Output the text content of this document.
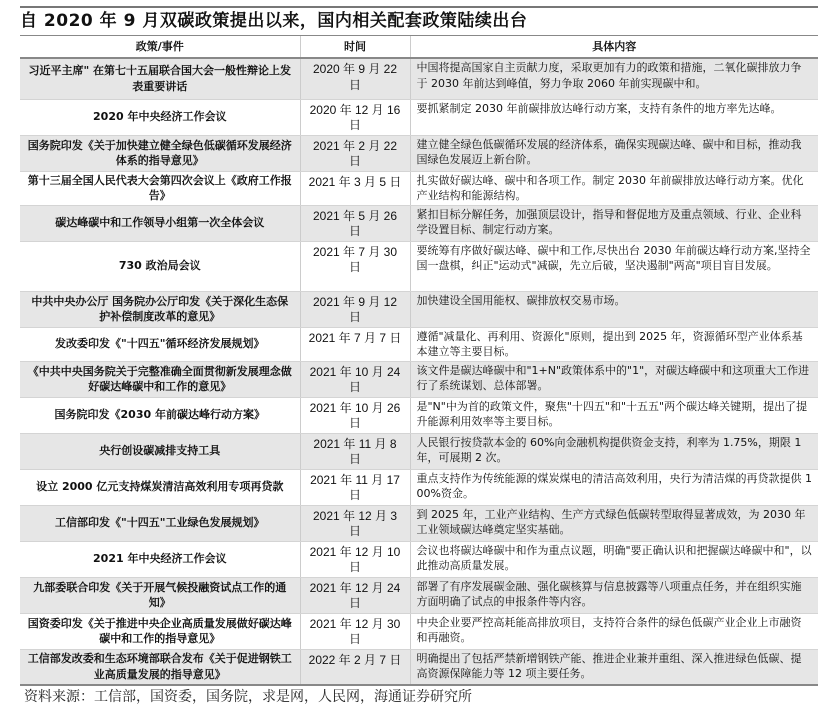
自 2020 年 9 月双碳政策提出以来，国内相关配套政策陆续出台
政策/事件	时间	具体内容
习近平主席" 在第七十五届联合国大会一般性辩论上发表重要讲话	2020 年 9 月 22 日	中国将提高国家自主贡献力度，采取更加有力的政策和措施，二氧化碳排放力争于 2030 年前达到峰值，努力争取 2060 年前实现碳中和。
2020 年中央经济工作会议	2020 年 12 月 16 日	要抓紧制定 2030 年前碳排放达峰行动方案，支持有条件的地方率先达峰。
国务院印发《关于加快建立健全绿色低碳循环发展经济体系的指导意见》	2021 年 2 月 22 日	建立健全绿色低碳循环发展的经济体系，确保实现碳达峰、碳中和目标，推动我国绿色发展迈上新台阶。
第十三届全国人民代表大会第四次会议上《政府工作报告》	2021 年 3 月 5 日	扎实做好碳达峰、碳中和各项工作。制定 2030 年前碳排放达峰行动方案。优化产业结构和能源结构。
碳达峰碳中和工作领导小组第一次全体会议	2021 年 5 月 26 日	紧扣目标分解任务，加强顶层设计，指导和督促地方及重点领域、行业、企业科学设置目标、制定行动方案。
730 政治局会议	2021 年 7 月 30 日	要统筹有序做好碳达峰、碳中和工作,尽快出台 2030 年前碳达峰行动方案,坚持全国一盘棋，纠正"运动式"减碳，先立后破，坚决遏制"两高"项目盲目发展。
中共中央办公厅 国务院办公厅印发《关于深化生态保护补偿制度改革的意见》	2021 年 9 月 12 日	加快建设全国用能权、碳排放权交易市场。
发改委印发《"十四五"循环经济发展规划》	2021 年 7 月 7 日	遵循"减量化、再利用、资源化"原则，提出到 2025 年，资源循环型产业体系基本建立等主要目标。
《中共中央国务院关于完整准确全面贯彻新发展理念做好碳达峰碳中和工作的意见》	2021 年 10 月 24 日	该文件是碳达峰碳中和"1+N"政策体系中的"1"，对碳达峰碳中和这项重大工作进行了系统谋划、总体部署。
国务院印发《2030 年前碳达峰行动方案》	2021 年 10 月 26 日	是"N"中为首的政策文件，聚焦"十四五"和"十五五"两个碳达峰关键期，提出了提升能源利用效率等主要目标。
央行创设碳减排支持工具	2021 年 11 月 8 日	人民银行按贷款本金的 60%向金融机构提供资金支持，利率为 1.75%，期限 1 年，可展期 2 次。
设立 2000 亿元支持煤炭清洁高效利用专项再贷款	2021 年 11 月 17 日	重点支持作为传统能源的煤炭煤电的清洁高效利用，央行为清洁煤的再贷款提供 100%资金。
工信部印发《"十四五"工业绿色发展规划》	2021 年 12 月 3 日	到 2025 年，工业产业结构、生产方式绿色低碳转型取得显著成效，为 2030 年工业领域碳达峰奠定坚实基础。
2021 年中央经济工作会议	2021 年 12 月 10 日	会议也将碳达峰碳中和作为重点议题，明确"要正确认识和把握碳达峰碳中和"，以此推动高质量发展。
九部委联合印发《关于开展气候投融资试点工作的通知》	2021 年 12 月 24 日	部署了有序发展碳金融、强化碳核算与信息披露等八项重点任务，并在组织实施方面明确了试点的申报条件等内容。
国资委印发《关于推进中央企业高质量发展做好碳达峰碳中和工作的指导意见》	2021 年 12 月 30 日	中央企业要严控高耗能高排放项目，支持符合条件的绿色低碳产业企业上市融资和再融资。
工信部发改委和生态环境部联合发布《关于促进钢铁工业高质量发展的指导意见》	2022 年 2 月 7 日	明确提出了包括严禁新增钢铁产能、推进企业兼并重组、深入推进绿色低碳、提高资源保障能力等 12 项主要任务。
资料来源：工信部，国资委，国务院，求是网，人民网，海通证券研究所
